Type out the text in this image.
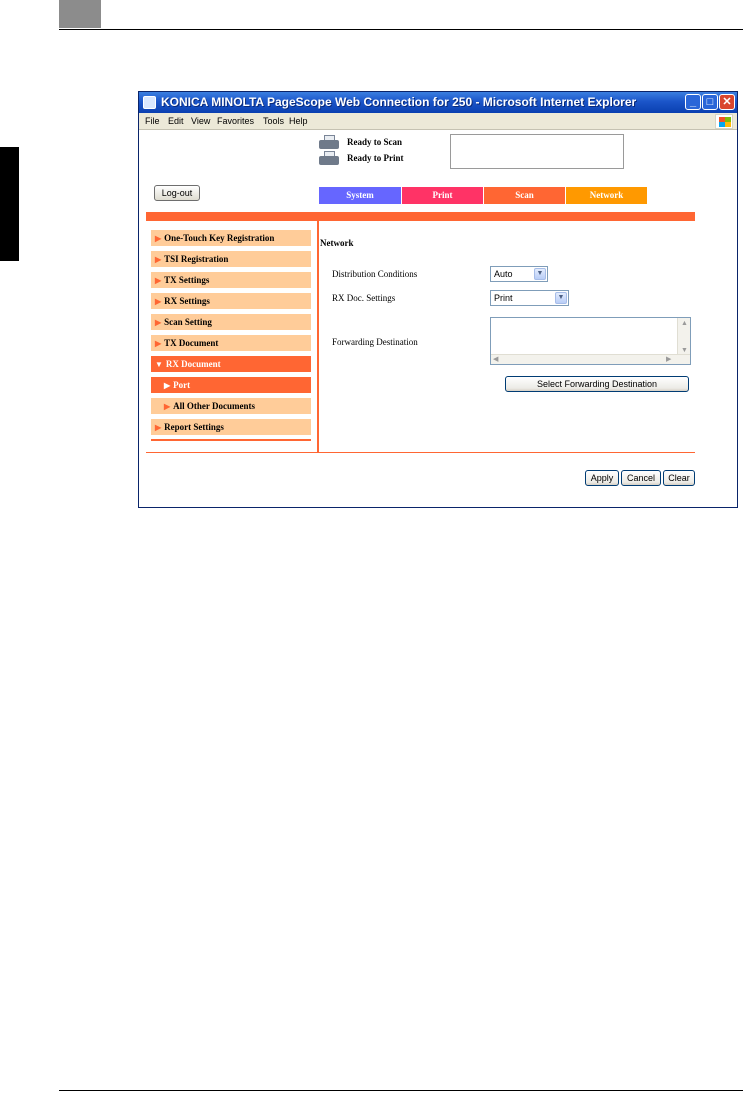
KONICA MINOLTA PageScope Web Connection for 250 - Microsoft Internet Explorer	_ □ ✕
File Edit View Favorites Tools Help
Ready to Scan
Ready to Print
Log-out	System	Print	Scan	Network
▶ One-Touch Key Registration
▶ TSI Registration
▶ TX Settings
▶ RX Settings
▶ Scan Setting
▶ TX Document
▼ RX Document
▶ Port
▶ All Other Documents
▶ Report Settings
Network
Distribution Conditions	Auto	▼
RX Doc. Settings	Print	▼
Forwarding Destination
▲
▼
◀	▶
Select Forwarding Destination
Apply	Cancel	Clear
